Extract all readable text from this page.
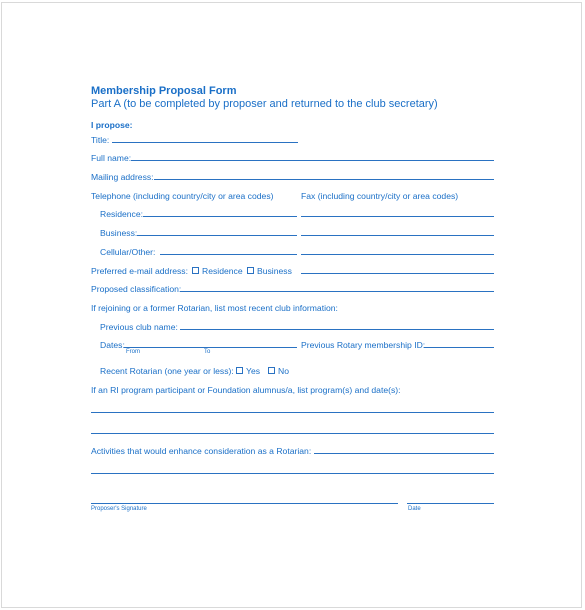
Membership Proposal Form
Part A (to be completed by proposer and returned to the club secretary)
I propose:
Title:
Full name:
Mailing address:
Telephone (including country/city or area codes)	Fax (including country/city or area codes)
Residence:
Business:
Cellular/Other:
Preferred e-mail address:	Residence	Business
Proposed classification:
If rejoining or a former Rotarian, list most recent club information:
Previous club name:
Dates:
From	To
Previous Rotary membership ID:
Recent Rotarian (one year or less):	Yes	No
If an RI program participant or Foundation alumnus/a, list program(s) and date(s):
Activities that would enhance consideration as a Rotarian:
Proposer's Signature	Date
